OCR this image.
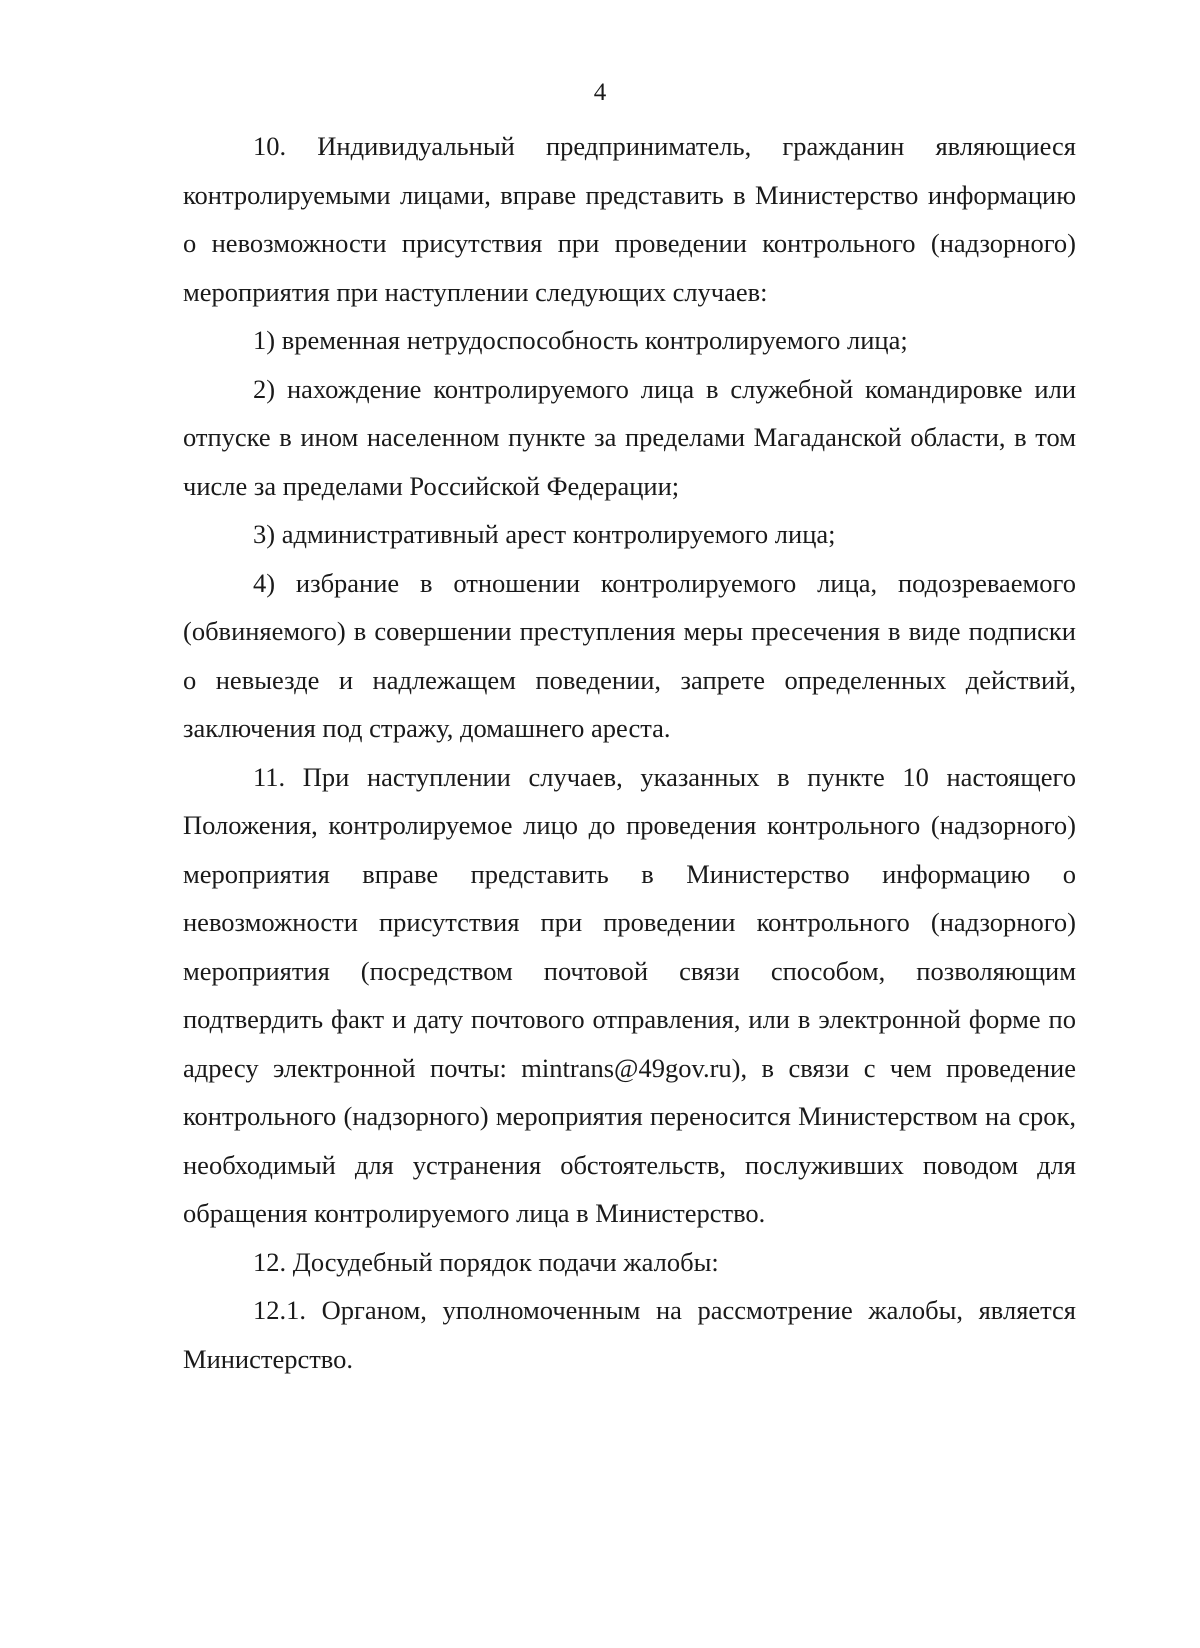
4

10. Индивидуальный предприниматель, гражданин являющиеся контролируемыми лицами, вправе представить в Министерство информацию о невозможности присутствия при проведении контрольного (надзорного) мероприятия при наступлении следующих случаев:

1) временная нетрудоспособность контролируемого лица;

2) нахождение контролируемого лица в служебной командировке или отпуске в ином населенном пункте за пределами Магаданской области, в том числе за пределами Российской Федерации;

3) административный арест контролируемого лица;

4) избрание в отношении контролируемого лица, подозреваемого (обвиняемого) в совершении преступления меры пресечения в виде подписки о невыезде и надлежащем поведении, запрете определенных действий, заключения под стражу, домашнего ареста.

11. При наступлении случаев, указанных в пункте 10 настоящего Положения, контролируемое лицо до проведения контрольного (надзорного) мероприятия вправе представить в Министерство информацию о невозможности присутствия при проведении контрольного (надзорного) мероприятия (посредством почтовой связи способом, позволяющим подтвердить факт и дату почтового отправления, или в электронной форме по адресу электронной почты: mintrans@49gov.ru), в связи с чем проведение контрольного (надзорного) мероприятия переносится Министерством на срок, необходимый для устранения обстоятельств, послуживших поводом для обращения контролируемого лица в Министерство.

12. Досудебный порядок подачи жалобы:

12.1. Органом, уполномоченным на рассмотрение жалобы, является Министерство.
